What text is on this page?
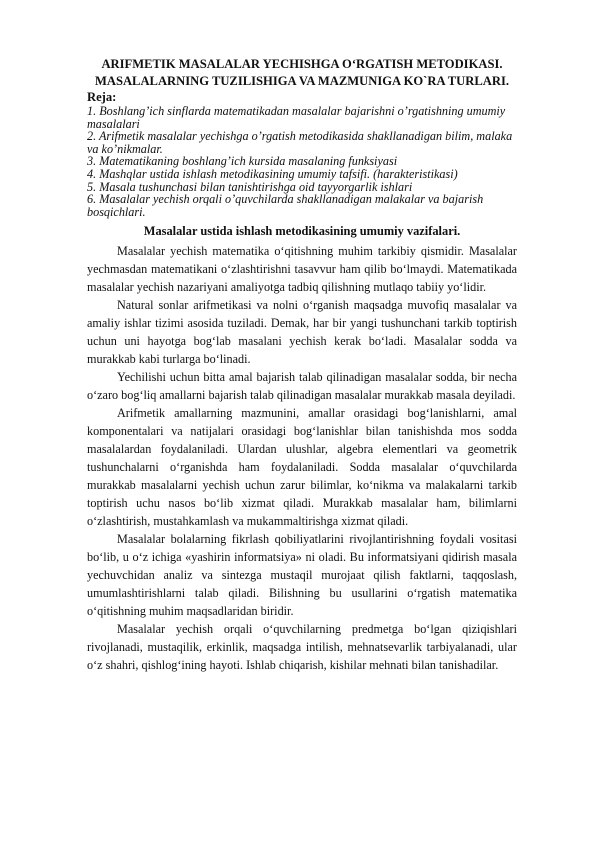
ARIFMETIK MASALALAR YECHISHGA O‘RGATISH METODIKASI.

MASALALARNING TUZILISHIGA VA MAZMUNIGA KO`RA TURLARI.

Reja:

1. Boshlang’ich sinflarda matematikadan masalalar bajarishni o’rgatishning umumiy masalalari
2. Arifmetik masalalar yechishga o’rgatish metodikasida shakllanadigan bilim, malaka va ko’nikmalar.
3. Matematikaning boshlang’ich kursida masalaning funksiyasi
4. Mashqlar ustida ishlash metodikasining umumiy tafsifi. (harakteristikasi)
5. Masala tushunchasi bilan tanishtirishga oid tayyorgarlik ishlari
6. Masalalar yechish orqali o’quvchilarda shakllanadigan malakalar va bajarish bosqichlari.

Masalalar ustida ishlash metodikasining umumiy vazifalari.

Masalalar yechish matematika o‘qitishning muhim tarkibiy qismidir. Masalalar yechmasdan matematikani o‘zlashtirishni tasavvur ham qilib bo‘lmaydi. Matematikada masalalar yechish nazariyani amaliyotga tadbiq qilishning mutlaqo tabiiy yo‘lidir.

Natural sonlar arifmetikasi va nolni o‘rganish maqsadga muvofiq masalalar va amaliy ishlar tizimi asosida tuziladi. Demak, har bir yangi tushunchani tarkib toptirish uchun uni hayotga bog‘lab masalani yechish kerak bo‘ladi. Masalalar sodda va murakkab kabi turlarga bo‘linadi.

Yechilishi uchun bitta amal bajarish talab qilinadigan masalalar sodda, bir necha o‘zaro bog‘liq amallarni bajarish talab qilinadigan masalalar murakkab masala deyiladi.

Arifmetik amallarning mazmunini, amallar orasidagi bog‘lanishlarni, amal komponentalari va natijalari orasidagi bog‘lanishlar bilan tanishishda mos sodda masalalardan foydalaniladi. Ulardan ulushlar, algebra elementlari va geometrik tushunchalarni o‘rganishda ham foydalaniladi. Sodda masalalar o‘quvchilarda murakkab masalalarni yechish uchun zarur bilimlar, ko‘nikma va malakalarni tarkib toptirish uchu nasos bo‘lib xizmat qiladi. Murakkab masalalar ham, bilimlarni o‘zlashtirish, mustahkamlash va mukammaltirishga xizmat qiladi.

Masalalar bolalarning fikrlash qobiliyatlarini rivojlantirishning foydali vositasi bo‘lib, u o‘z ichiga «yashirin informatsiya» ni oladi. Bu informatsiyani qidirish masala yechuvchidan analiz va sintezga mustaqil murojaat qilish faktlarni, taqqoslash, umumlashtirishlarni talab qiladi. Bilishning bu usullarini o‘rgatish matematika o‘qitishning muhim maqsadlaridan biridir.

Masalalar yechish orqali o‘quvchilarning predmetga bo‘lgan qiziqishlari rivojlanadi, mustaqilik, erkinlik, maqsadga intilish, mehnatsevarlik tarbiyalanadi, ular o‘z shahri, qishlog‘ining hayoti. Ishlab chiqarish, kishilar mehnati bilan tanishadilar.
